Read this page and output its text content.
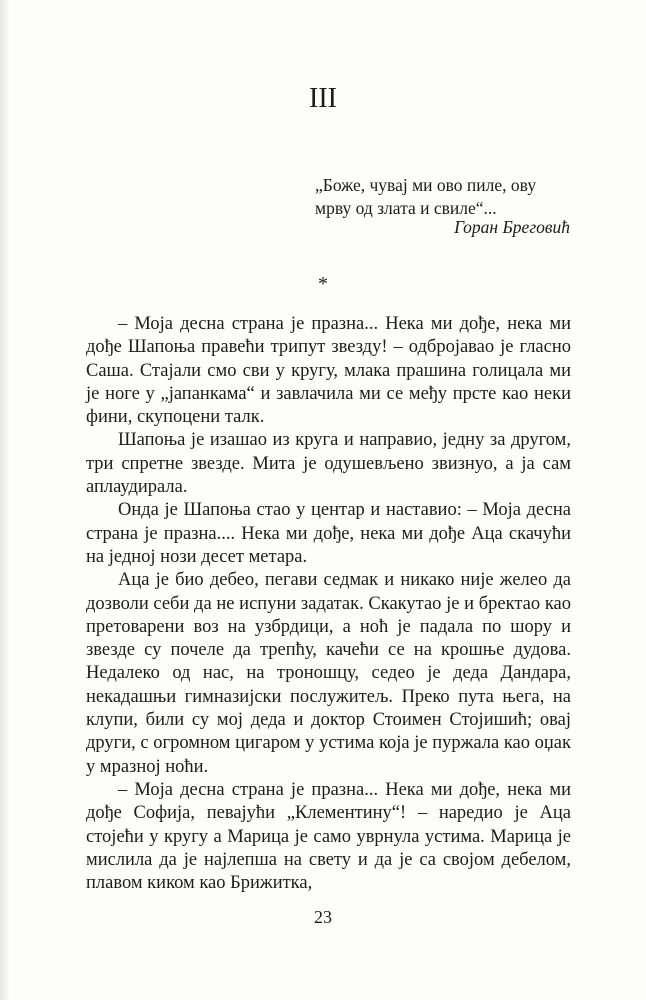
III
„Боже, чувај ми ово пиле, ову мрву од злата и свиле“...
Горан Бреговић
*

– Моја десна страна је празна... Нека ми дође, нека ми дође Шапоња правећи трипут звезду! – одбројавао је гласно Саша. Стајали смо сви у кругу, млака прашина голицала ми је ноге у „јапанкама“ и завлачила ми се међу прсте као неки фини, скупоцени талк.

Шапоња је изашао из круга и направио, једну за другом, три спретне звезде. Мита је одушевљено звизнуо, а ја сам аплаудирала.

Онда је Шапоња стао у центар и наставио: – Моја десна страна је празна.... Нека ми дође, нека ми дође Аца скачући на једној нози десет метара.

Аца је био дебео, пегави седмак и никако није желео да дозволи себи да не испуни задатак. Скакутао је и бректао као претоварени воз на узбрдици, а ноћ је падала по шору и звезде су почеле да трепћу, качећи се на крошње дудова. Недалеко од нас, на троношцу, седео је деда Дандара, некадашњи гимназијски послужитељ. Преко пута њега, на клупи, били су мој деда и доктор Стоимен Стојишић; овај други, с огромном цигаром у устима која је пуржала као оџак у мразној ноћи.

– Моја десна страна је празна... Нека ми дође, нека ми дође Софија, певајући „Клементину“! – наредио је Аца стојећи у кругу а Марица је само уврнула устима. Марица је мислила да је најлепша на свету и да је са својом дебелом, плавом киком као Брижитка,

23
